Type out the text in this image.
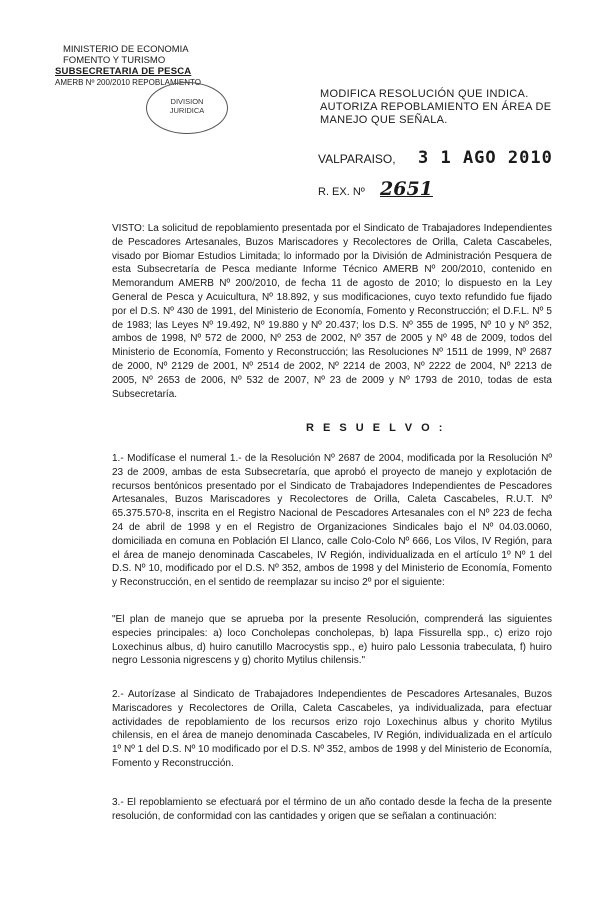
MINISTERIO DE ECONOMIA
FOMENTO Y TURISMO
SUBSECRETARIA DE PESCA
AMERB Nº 200/2010 REPOBLAMIENTO
DIVISION
JURIDICA
MODIFICA RESOLUCIÓN QUE INDICA. AUTORIZA REPOBLAMIENTO EN ÁREA DE MANEJO QUE SEÑALA.
VALPARAISO, 3 1 AGO 2010
R. EX. Nº 2651
VISTO: La solicitud de repoblamiento presentada por el Sindicato de Trabajadores Independientes de Pescadores Artesanales, Buzos Mariscadores y Recolectores de Orilla, Caleta Cascabeles, visado por Biomar Estudios Limitada; lo informado por la División de Administración Pesquera de esta Subsecretaría de Pesca mediante Informe Técnico AMERB Nº 200/2010, contenido en Memorandum AMERB Nº 200/2010, de fecha 11 de agosto de 2010; lo dispuesto en la Ley General de Pesca y Acuicultura, Nº 18.892, y sus modificaciones, cuyo texto refundido fue fijado por el D.S. Nº 430 de 1991, del Ministerio de Economía, Fomento y Reconstrucción; el D.F.L. Nº 5 de 1983; las Leyes Nº 19.492, Nº 19.880 y Nº 20.437; los D.S. Nº 355 de 1995, Nº 10 y Nº 352, ambos de 1998, Nº 572 de 2000, Nº 253 de 2002, Nº 357 de 2005 y Nº 48 de 2009, todos del Ministerio de Economía, Fomento y Reconstrucción; las Resoluciones Nº 1511 de 1999, Nº 2687 de 2000, Nº 2129 de 2001, Nº 2514 de 2002, Nº 2214 de 2003, Nº 2222 de 2004, Nº 2213 de 2005, Nº 2653 de 2006, Nº 532 de 2007, Nº 23 de 2009 y Nº 1793 de 2010, todas de esta Subsecretaría.
R E S U E L V O :
1.- Modifícase el numeral 1.- de la Resolución Nº 2687 de 2004, modificada por la Resolución Nº 23 de 2009, ambas de esta Subsecretaría, que aprobó el proyecto de manejo y explotación de recursos bentónicos presentado por el Sindicato de Trabajadores Independientes de Pescadores Artesanales, Buzos Mariscadores y Recolectores de Orilla, Caleta Cascabeles, R.U.T. Nº 65.375.570-8, inscrita en el Registro Nacional de Pescadores Artesanales con el Nº 223 de fecha 24 de abril de 1998 y en el Registro de Organizaciones Sindicales bajo el Nº 04.03.0060, domiciliada en comuna en Población El Llanco, calle Colo-Colo Nº 666, Los Vilos, IV Región, para el área de manejo denominada Cascabeles, IV Región, individualizada en el artículo 1º Nº 1 del D.S. Nº 10, modificado por el D.S. Nº 352, ambos de 1998 y del Ministerio de Economía, Fomento y Reconstrucción, en el sentido de reemplazar su inciso 2º por el siguiente:
"El plan de manejo que se aprueba por la presente Resolución, comprenderá las siguientes especies principales: a) loco Concholepas concholepas, b) lapa Fissurella spp., c) erizo rojo Loxechinus albus, d) huiro canutillo Macrocystis spp., e) huiro palo Lessonia trabeculata, f) huiro negro Lessonia nigrescens y g) chorito Mytilus chilensis."
2.- Autorízase al Sindicato de Trabajadores Independientes de Pescadores Artesanales, Buzos Mariscadores y Recolectores de Orilla, Caleta Cascabeles, ya individualizada, para efectuar actividades de repoblamiento de los recursos erizo rojo Loxechinus albus y chorito Mytilus chilensis, en el área de manejo denominada Cascabeles, IV Región, individualizada en el artículo 1º Nº 1 del D.S. Nº 10 modificado por el D.S. Nº 352, ambos de 1998 y del Ministerio de Economía, Fomento y Reconstrucción.
3.- El repoblamiento se efectuará por el término de un año contado desde la fecha de la presente resolución, de conformidad con las cantidades y origen que se señalan a continuación:
